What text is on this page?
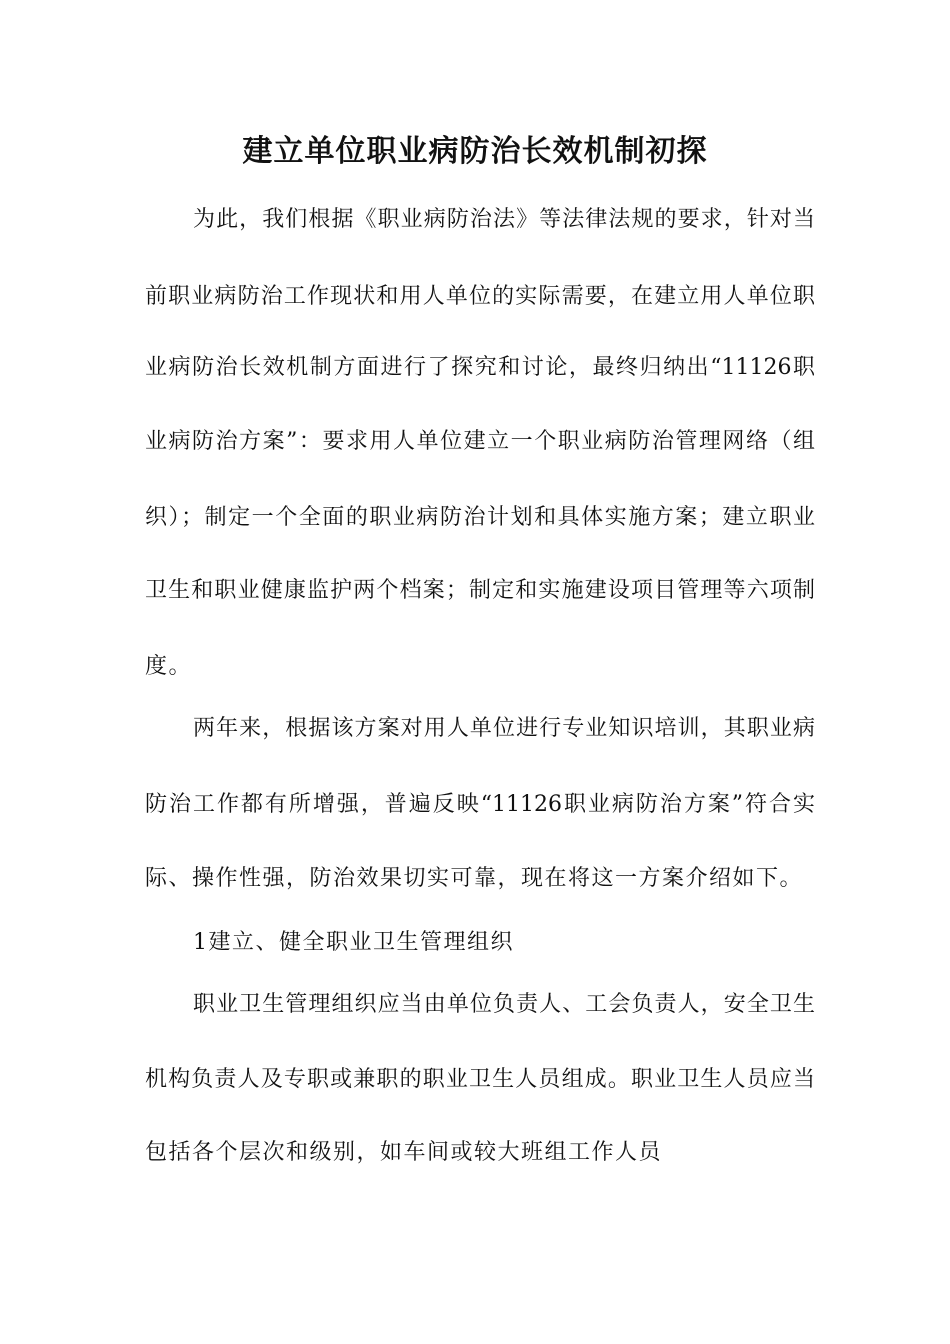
建立单位职业病防治长效机制初探

为此，我们根据《职业病防治法》等法律法规的要求，针对当

前职业病防治工作现状和用人单位的实际需要，在建立用人单位职

业病防治长效机制方面进行了探究和讨论，最终归纳出“11126职

业病防治方案”：要求用人单位建立一个职业病防治管理网络（组

织）；制定一个全面的职业病防治计划和具体实施方案；建立职业

卫生和职业健康监护两个档案；制定和实施建设项目管理等六项制

度。

两年来，根据该方案对用人单位进行专业知识培训，其职业病

防治工作都有所增强，普遍反映“11126职业病防治方案”符合实

际、操作性强，防治效果切实可靠，现在将这一方案介绍如下。

1建立、健全职业卫生管理组织

职业卫生管理组织应当由单位负责人、工会负责人，安全卫生

机构负责人及专职或兼职的职业卫生人员组成。职业卫生人员应当

包括各个层次和级别，如车间或较大班组工作人员
